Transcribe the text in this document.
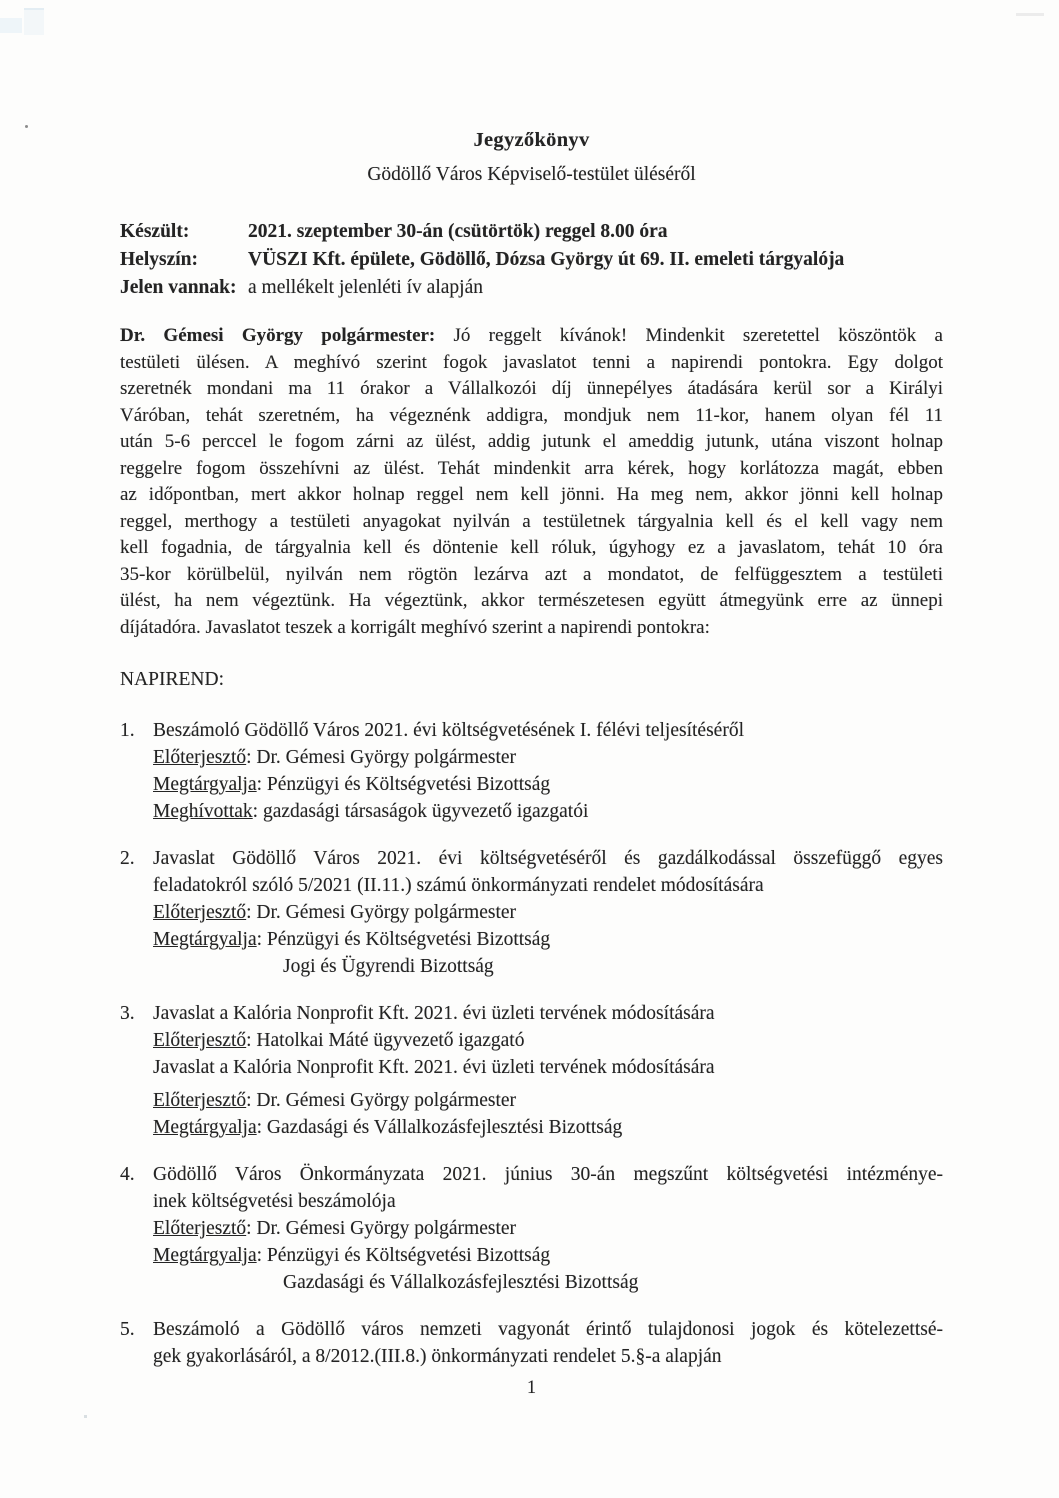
Jegyzőkönyv
Gödöllő Város Képviselő-testület üléséről
Készült:	2021. szeptember 30-án (csütörtök) reggel 8.00 óra
Helyszín:	VÜSZI Kft. épülete, Gödöllő, Dózsa György út 69. II. emeleti tárgyalója
Jelen vannak: a mellékelt jelenléti ív alapján
Dr. Gémesi György polgármester: Jó reggelt kívánok! Mindenkit szeretettel köszöntök a
testületi ülésen. A meghívó szerint fogok javaslatot tenni a napirendi pontokra. Egy dolgot
szeretnék mondani ma 11 órakor a Vállalkozói díj ünnepélyes átadására kerül sor a Királyi
Váróban, tehát szeretném, ha végeznénk addigra, mondjuk nem 11-kor, hanem olyan fél 11
után 5-6 perccel le fogom zárni az ülést, addig jutunk el ameddig jutunk, utána viszont holnap
reggelre fogom összehívni az ülést. Tehát mindenkit arra kérek, hogy korlátozza magát, ebben
az időpontban, mert akkor holnap reggel nem kell jönni. Ha meg nem, akkor jönni kell holnap
reggel, merthogy a testületi anyagokat nyilván a testületnek tárgyalnia kell és el kell vagy nem
kell fogadnia, de tárgyalnia kell és döntenie kell róluk, úgyhogy ez a javaslatom, tehát 10 óra
35-kor körülbelül, nyilván nem rögtön lezárva azt a mondatot, de felfüggesztem a testületi
ülést, ha nem végeztünk. Ha végeztünk, akkor természetesen együtt átmegyünk erre az ünnepi
díjátadóra. Javaslatot teszek a korrigált meghívó szerint a napirendi pontokra:
NAPIREND:
1. Beszámoló Gödöllő Város 2021. évi költségvetésének I. félévi teljesítéséről
Előterjesztő: Dr. Gémesi György polgármester
Megtárgyalja: Pénzügyi és Költségvetési Bizottság
Meghívottak: gazdasági társaságok ügyvezető igazgatói
2. Javaslat Gödöllő Város 2021. évi költségvetéséről és gazdálkodással összefüggő egyes
feladatokról szóló 5/2021 (II.11.) számú önkormányzati rendelet módosítására
Előterjesztő: Dr. Gémesi György polgármester
Megtárgyalja: Pénzügyi és Költségvetési Bizottság
Jogi és Ügyrendi Bizottság
3. Javaslat a Kalória Nonprofit Kft. 2021. évi üzleti tervének módosítására
Előterjesztő: Hatolkai Máté ügyvezető igazgató
Javaslat a Kalória Nonprofit Kft. 2021. évi üzleti tervének módosítására
Előterjesztő: Dr. Gémesi György polgármester
Megtárgyalja: Gazdasági és Vállalkozásfejlesztési Bizottság
4. Gödöllő Város Önkormányzata 2021. június 30-án megszűnt költségvetési intézménye-
inek költségvetési beszámolója
Előterjesztő: Dr. Gémesi György polgármester
Megtárgyalja: Pénzügyi és Költségvetési Bizottság
Gazdasági és Vállalkozásfejlesztési Bizottság
5. Beszámoló a Gödöllő város nemzeti vagyonát érintő tulajdonosi jogok és kötelezettsé-
gek gyakorlásáról, a 8/2012.(III.8.) önkormányzati rendelet 5.§-a alapján
1
